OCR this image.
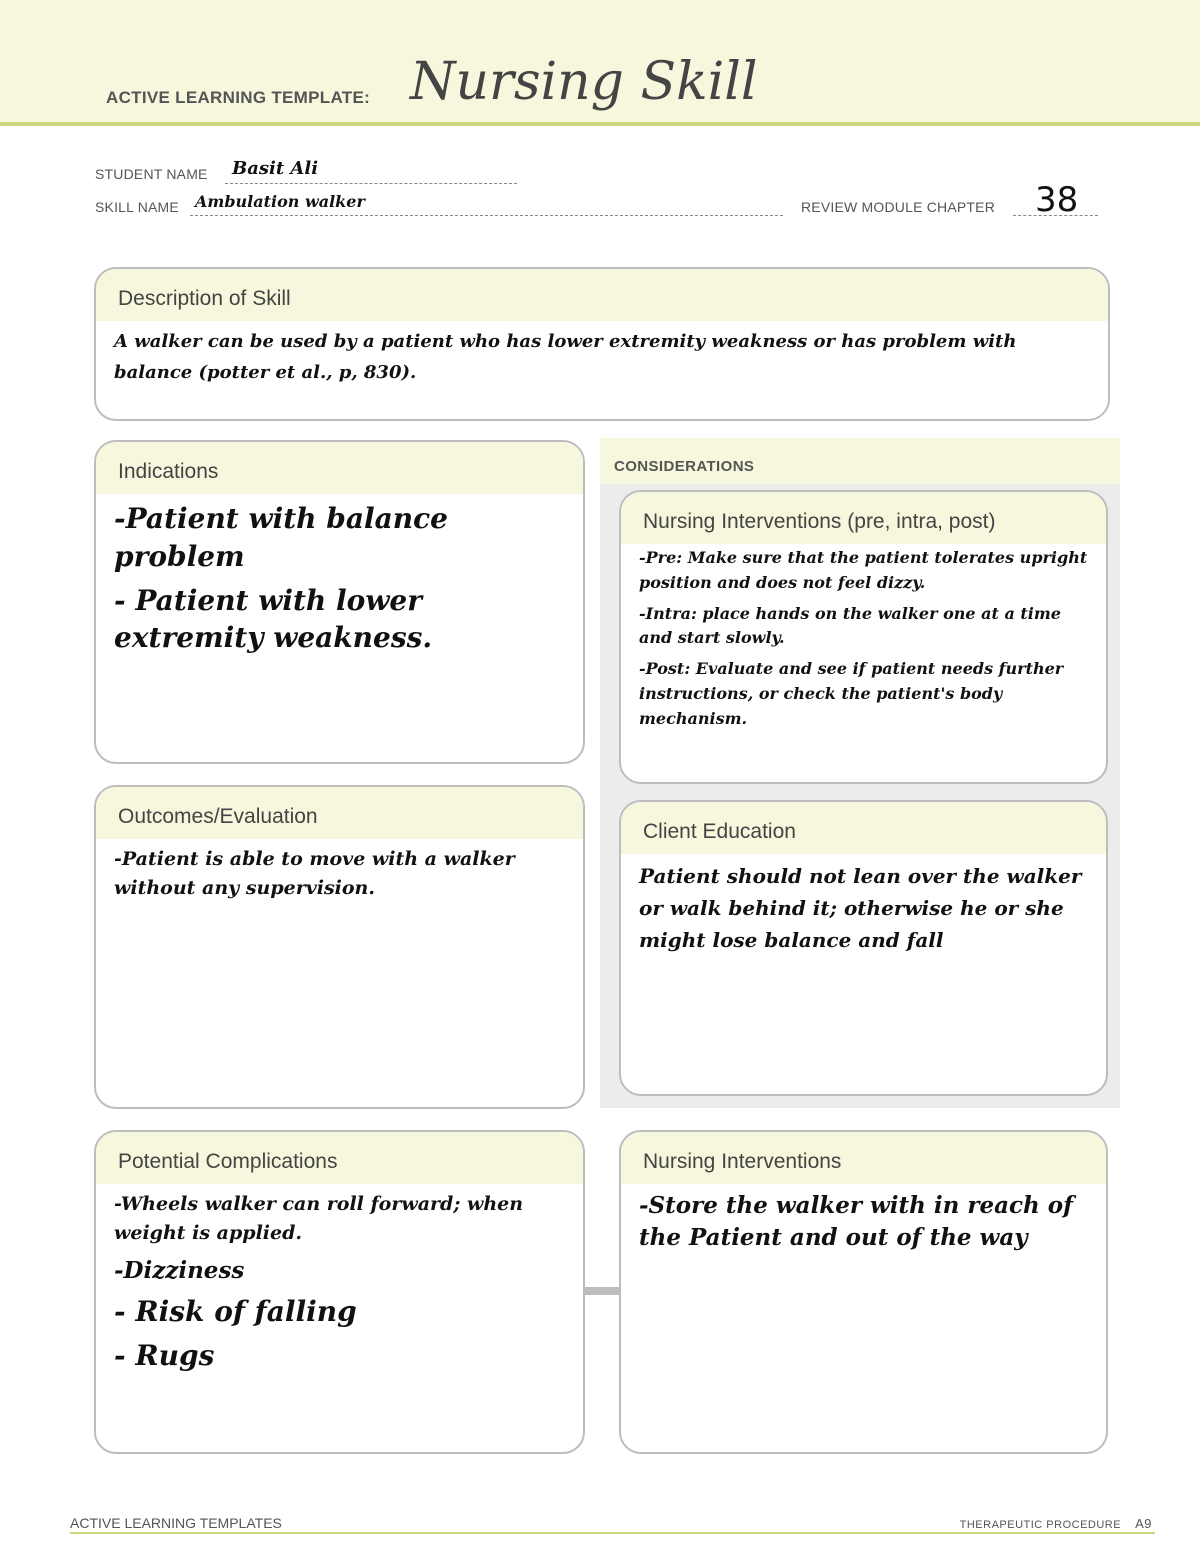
ACTIVE LEARNING TEMPLATE: Nursing Skill
STUDENT NAME Basit Ali
SKILL NAME Ambulation walker	REVIEW MODULE CHAPTER 38
Description of Skill

A walker can be used by a patient who has lower extremity weakness or has problem with balance (potter et al., p, 830).

Indications

-Patient with balance problem

- Patient with lower extremity weakness.

Outcomes/Evaluation

-Patient is able to move with a walker without any supervision.

CONSIDERATIONS
Nursing Interventions (pre, intra, post)

-Pre: Make sure that the patient tolerates upright position and does not feel dizzy.

-Intra: place hands on the walker one at a time and start slowly.

-Post: Evaluate and see if patient needs further instructions, or check the patient's body mechanism.

Client Education

Patient should not lean over the walker or walk behind it; otherwise he or she might lose balance and fall

Potential Complications

-Wheels walker can roll forward; when weight is applied.

-Dizziness

- Risk of falling

- Rugs

Nursing Interventions

-Store the walker with in reach of the Patient and out of the way

ACTIVE LEARNING TEMPLATES	THERAPEUTIC PROCEDURE A9
